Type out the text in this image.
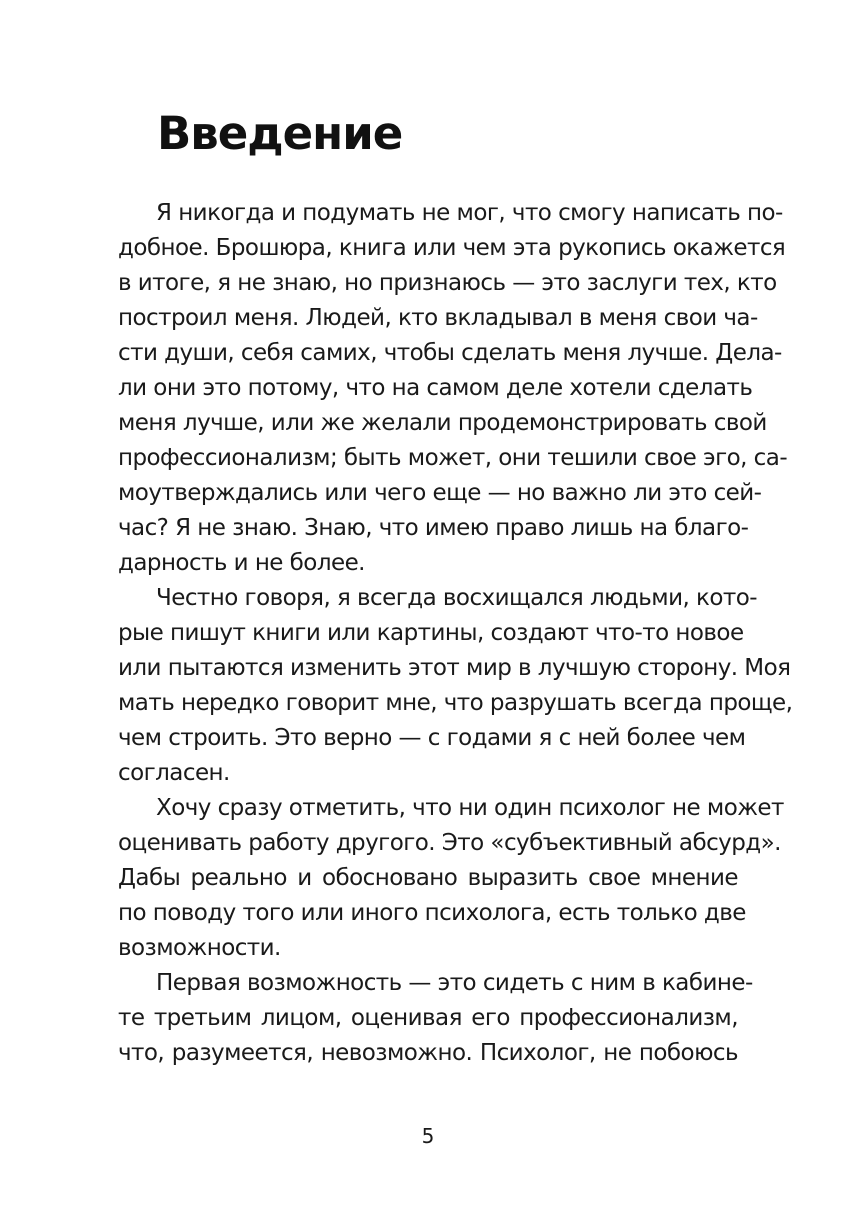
Введение
Я никогда и подумать не мог, что смогу написать по-
добное. Брошюра, книга или чем эта рукопись окажется
в итоге, я не знаю, но признаюсь — это заслуги тех, кто
построил меня. Людей, кто вкладывал в меня свои ча-
сти души, себя самих, чтобы сделать меня лучше. Дела-
ли они это потому, что на самом деле хотели сделать
меня лучше, или же желали продемонстрировать свой
профессионализм; быть может, они тешили свое эго, са-
моутверждались или чего еще — но важно ли это сей-
час? Я не знаю. Знаю, что имею право лишь на благо-
дарность и не более.
Честно говоря, я всегда восхищался людьми, кото-
рые пишут книги или картины, создают что-то новое
или пытаются изменить этот мир в лучшую сторону. Моя
мать нередко говорит мне, что разрушать всегда проще,
чем строить. Это верно — с годами я с ней более чем
согласен.
Хочу сразу отметить, что ни один психолог не может
оценивать работу другого. Это «субъективный абсурд».
Дабы реально и обосновано выразить свое мнение
по поводу того или иного психолога, есть только две
возможности.
Первая возможность — это сидеть с ним в кабине-
те третьим лицом, оценивая его профессионализм,
что, разумеется, невозможно. Психолог, не побоюсь
5
